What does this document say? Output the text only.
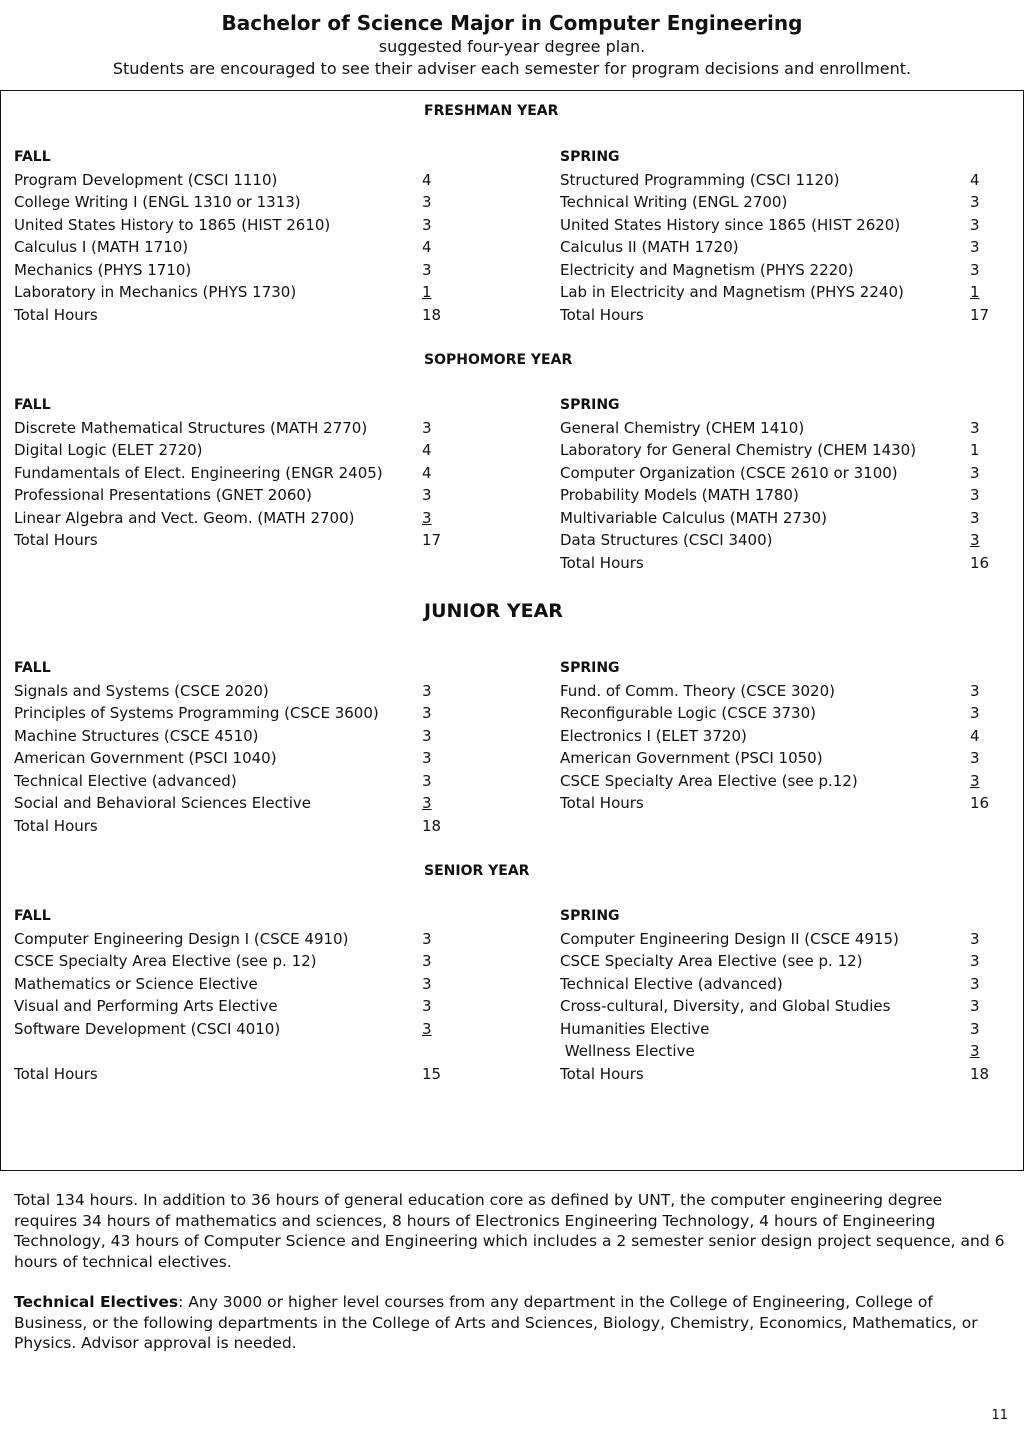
Bachelor of Science Major in Computer Engineering
suggested four-year degree plan.
Students are encouraged to see their adviser each semester for program decisions and enrollment.
FRESHMAN YEAR
FALL
Program Development (CSCI 1110)	4
College Writing I (ENGL 1310 or 1313)	3
United States History to 1865 (HIST 2610)	3
Calculus I (MATH 1710)	4
Mechanics (PHYS 1710)	3
Laboratory in Mechanics (PHYS 1730)	1
Total Hours	18
SPRING
Structured Programming (CSCI 1120)	4
Technical Writing (ENGL 2700)	3
United States History since 1865 (HIST 2620)	3
Calculus II (MATH 1720)	3
Electricity and Magnetism (PHYS 2220)	3
Lab in Electricity and Magnetism (PHYS 2240)	1
Total Hours	17
SOPHOMORE YEAR
FALL
Discrete Mathematical Structures (MATH 2770)	3
Digital Logic (ELET 2720)	4
Fundamentals of Elect. Engineering (ENGR 2405)	4
Professional Presentations (GNET 2060)	3
Linear Algebra and Vect. Geom. (MATH 2700)	3
Total Hours	17
SPRING
General Chemistry (CHEM 1410)	3
Laboratory for General Chemistry (CHEM 1430)	1
Computer Organization (CSCE 2610 or 3100)	3
Probability Models (MATH 1780)	3
Multivariable Calculus (MATH 2730)	3
Data Structures (CSCI 3400)	3
Total Hours	16
JUNIOR YEAR
FALL
Signals and Systems (CSCE 2020)	3
Principles of Systems Programming (CSCE 3600)	3
Machine Structures (CSCE 4510)	3
American Government (PSCI 1040)	3
Technical Elective (advanced)	3
Social and Behavioral Sciences Elective	3
Total Hours	18
SPRING
Fund. of Comm. Theory (CSCE 3020)	3
Reconfigurable Logic (CSCE 3730)	3
Electronics I (ELET 3720)	4
American Government (PSCI 1050)	3
CSCE Specialty Area Elective (see p.12)	3
Total Hours	16
SENIOR YEAR
FALL
Computer Engineering Design I (CSCE 4910)	3
CSCE Specialty Area Elective (see p. 12)	3
Mathematics or Science Elective	3
Visual and Performing Arts Elective	3
Software Development (CSCI 4010)	3
Total Hours	15
SPRING
Computer Engineering Design II (CSCE 4915)	3
CSCE Specialty Area Elective (see p. 12)	3
Technical Elective (advanced)	3
Cross-cultural, Diversity, and Global Studies	3
Humanities Elective	3
Wellness Elective	3
Total Hours	18

Total 134 hours. In addition to 36 hours of general education core as defined by UNT, the computer engineering degree requires 34 hours of mathematics and sciences, 8 hours of Electronics Engineering Technology, 4 hours of Engineering Technology, 43 hours of Computer Science and Engineering which includes a 2 semester senior design project sequence, and 6 hours of technical electives.

Technical Electives: Any 3000 or higher level courses from any department in the College of Engineering, College of Business, or the following departments in the College of Arts and Sciences, Biology, Chemistry, Economics, Mathematics, or Physics. Advisor approval is needed.

11
